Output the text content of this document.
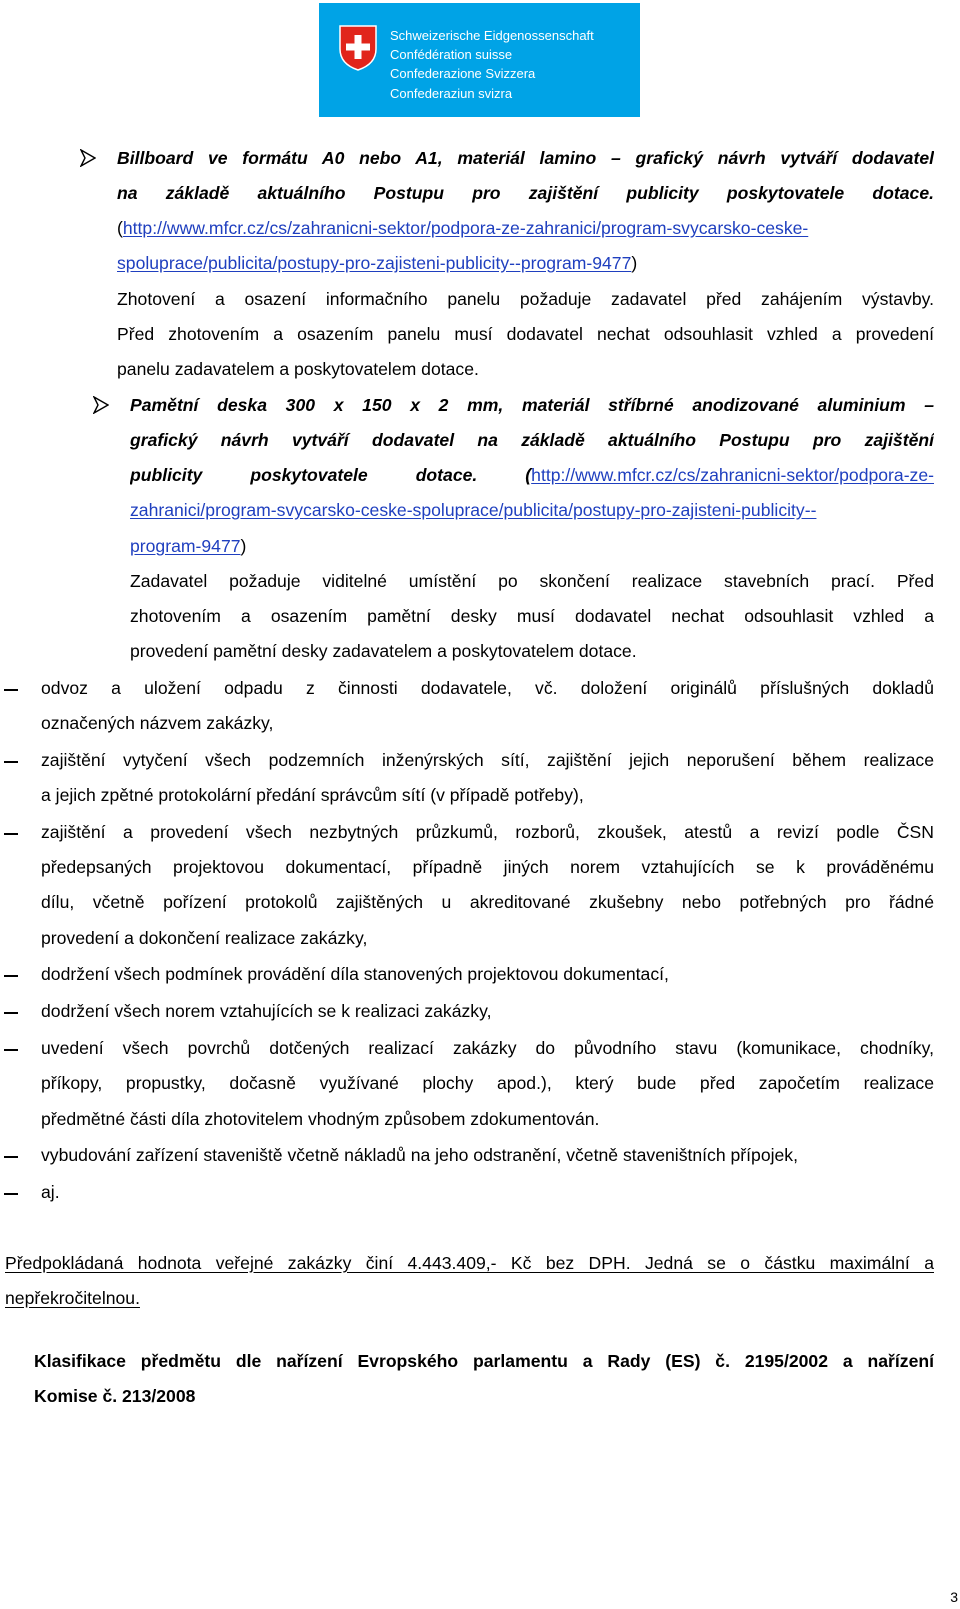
Schweizerische Eidgenossenschaft
Confédération suisse
Confederazione Svizzera
Confederaziun svizra
Billboard ve formátu A0 nebo A1, materiál lamino – grafický návrh vytváří dodavatel
na základě aktuálního Postupu pro zajištění publicity poskytovatele dotace.
(http://www.mfcr.cz/cs/zahranicni-sektor/podpora-ze-zahranici/program-svycarsko-ceske-
spoluprace/publicita/postupy-pro-zajisteni-publicity--program-9477)
Zhotovení a osazení informačního panelu požaduje zadavatel před zahájením výstavby.
Před zhotovením a osazením panelu musí dodavatel nechat odsouhlasit vzhled a provedení
panelu zadavatelem a poskytovatelem dotace.
Pamětní deska 300 x 150 x 2 mm, materiál stříbrné anodizované aluminium –
grafický návrh vytváří dodavatel na základě aktuálního Postupu pro zajištění
publicity poskytovatele dotace. (http://www.mfcr.cz/cs/zahranicni-sektor/podpora-ze-
zahranici/program-svycarsko-ceske-spoluprace/publicita/postupy-pro-zajisteni-publicity--
program-9477)
Zadavatel požaduje viditelné umístění po skončení realizace stavebních prací. Před
zhotovením a osazením pamětní desky musí dodavatel nechat odsouhlasit vzhled a
provedení pamětní desky zadavatelem a poskytovatelem dotace.
odvoz a uložení odpadu z činnosti dodavatele, vč. doložení originálů příslušných dokladů
označených názvem zakázky,
zajištění vytyčení všech podzemních inženýrských sítí, zajištění jejich neporušení během realizace
a jejich zpětné protokolární předání správcům sítí (v případě potřeby),
zajištění a provedení všech nezbytných průzkumů, rozborů, zkoušek, atestů a revizí podle ČSN
předepsaných projektovou dokumentací, případně jiných norem vztahujících se k prováděnému
dílu, včetně pořízení protokolů zajištěných u akreditované zkušebny nebo potřebných pro řádné
provedení a dokončení realizace zakázky,
dodržení všech podmínek provádění díla stanovených projektovou dokumentací,
dodržení všech norem vztahujících se k realizaci zakázky,
uvedení všech povrchů dotčených realizací zakázky do původního stavu (komunikace, chodníky,
příkopy, propustky, dočasně využívané plochy apod.), který bude před započetím realizace
předmětné části díla zhotovitelem vhodným způsobem zdokumentován.
vybudování zařízení staveniště včetně nákladů na jeho odstranění, včetně staveništních přípojek,
aj.
Předpokládaná hodnota veřejné zakázky činí 4.443.409,- Kč bez DPH. Jedná se o částku maximální a
nepřekročitelnou.
Klasifikace předmětu dle nařízení Evropského parlamentu a Rady (ES) č. 2195/2002 a nařízení
Komise č. 213/2008
3
